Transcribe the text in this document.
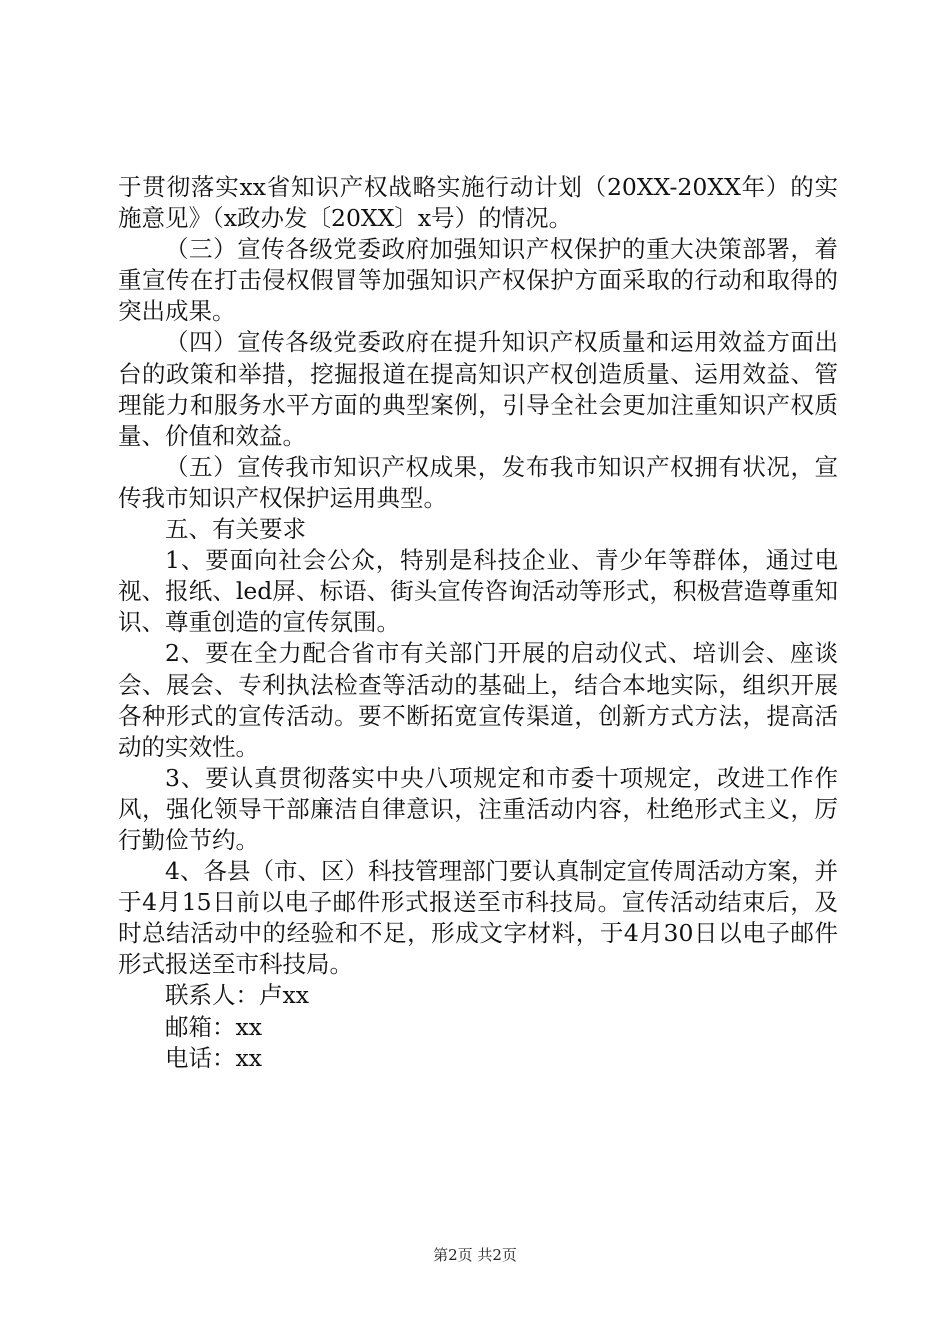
于贯彻落实xx省知识产权战略实施行动计划（20XX-20XX年）的实施意见》（x政办发〔20XX〕x号）的情况。

（三）宣传各级党委政府加强知识产权保护的重大决策部署，着重宣传在打击侵权假冒等加强知识产权保护方面采取的行动和取得的突出成果。

（四）宣传各级党委政府在提升知识产权质量和运用效益方面出台的政策和举措，挖掘报道在提高知识产权创造质量、运用效益、管理能力和服务水平方面的典型案例，引导全社会更加注重知识产权质量、价值和效益。

（五）宣传我市知识产权成果，发布我市知识产权拥有状况，宣传我市知识产权保护运用典型。

五、有关要求

1、要面向社会公众，特别是科技企业、青少年等群体，通过电视、报纸、led屏、标语、街头宣传咨询活动等形式，积极营造尊重知识、尊重创造的宣传氛围。

2、要在全力配合省市有关部门开展的启动仪式、培训会、座谈会、展会、专利执法检查等活动的基础上，结合本地实际，组织开展各种形式的宣传活动。要不断拓宽宣传渠道，创新方式方法，提高活动的实效性。

3、要认真贯彻落实中央八项规定和市委十项规定，改进工作作风，强化领导干部廉洁自律意识，注重活动内容，杜绝形式主义，厉行勤俭节约。

4、各县（市、区）科技管理部门要认真制定宣传周活动方案，并于4月15日前以电子邮件形式报送至市科技局。宣传活动结束后，及时总结活动中的经验和不足，形成文字材料，于4月30日以电子邮件形式报送至市科技局。

联系人：卢xx

邮箱：xx

电话：xx

第2页 共2页
